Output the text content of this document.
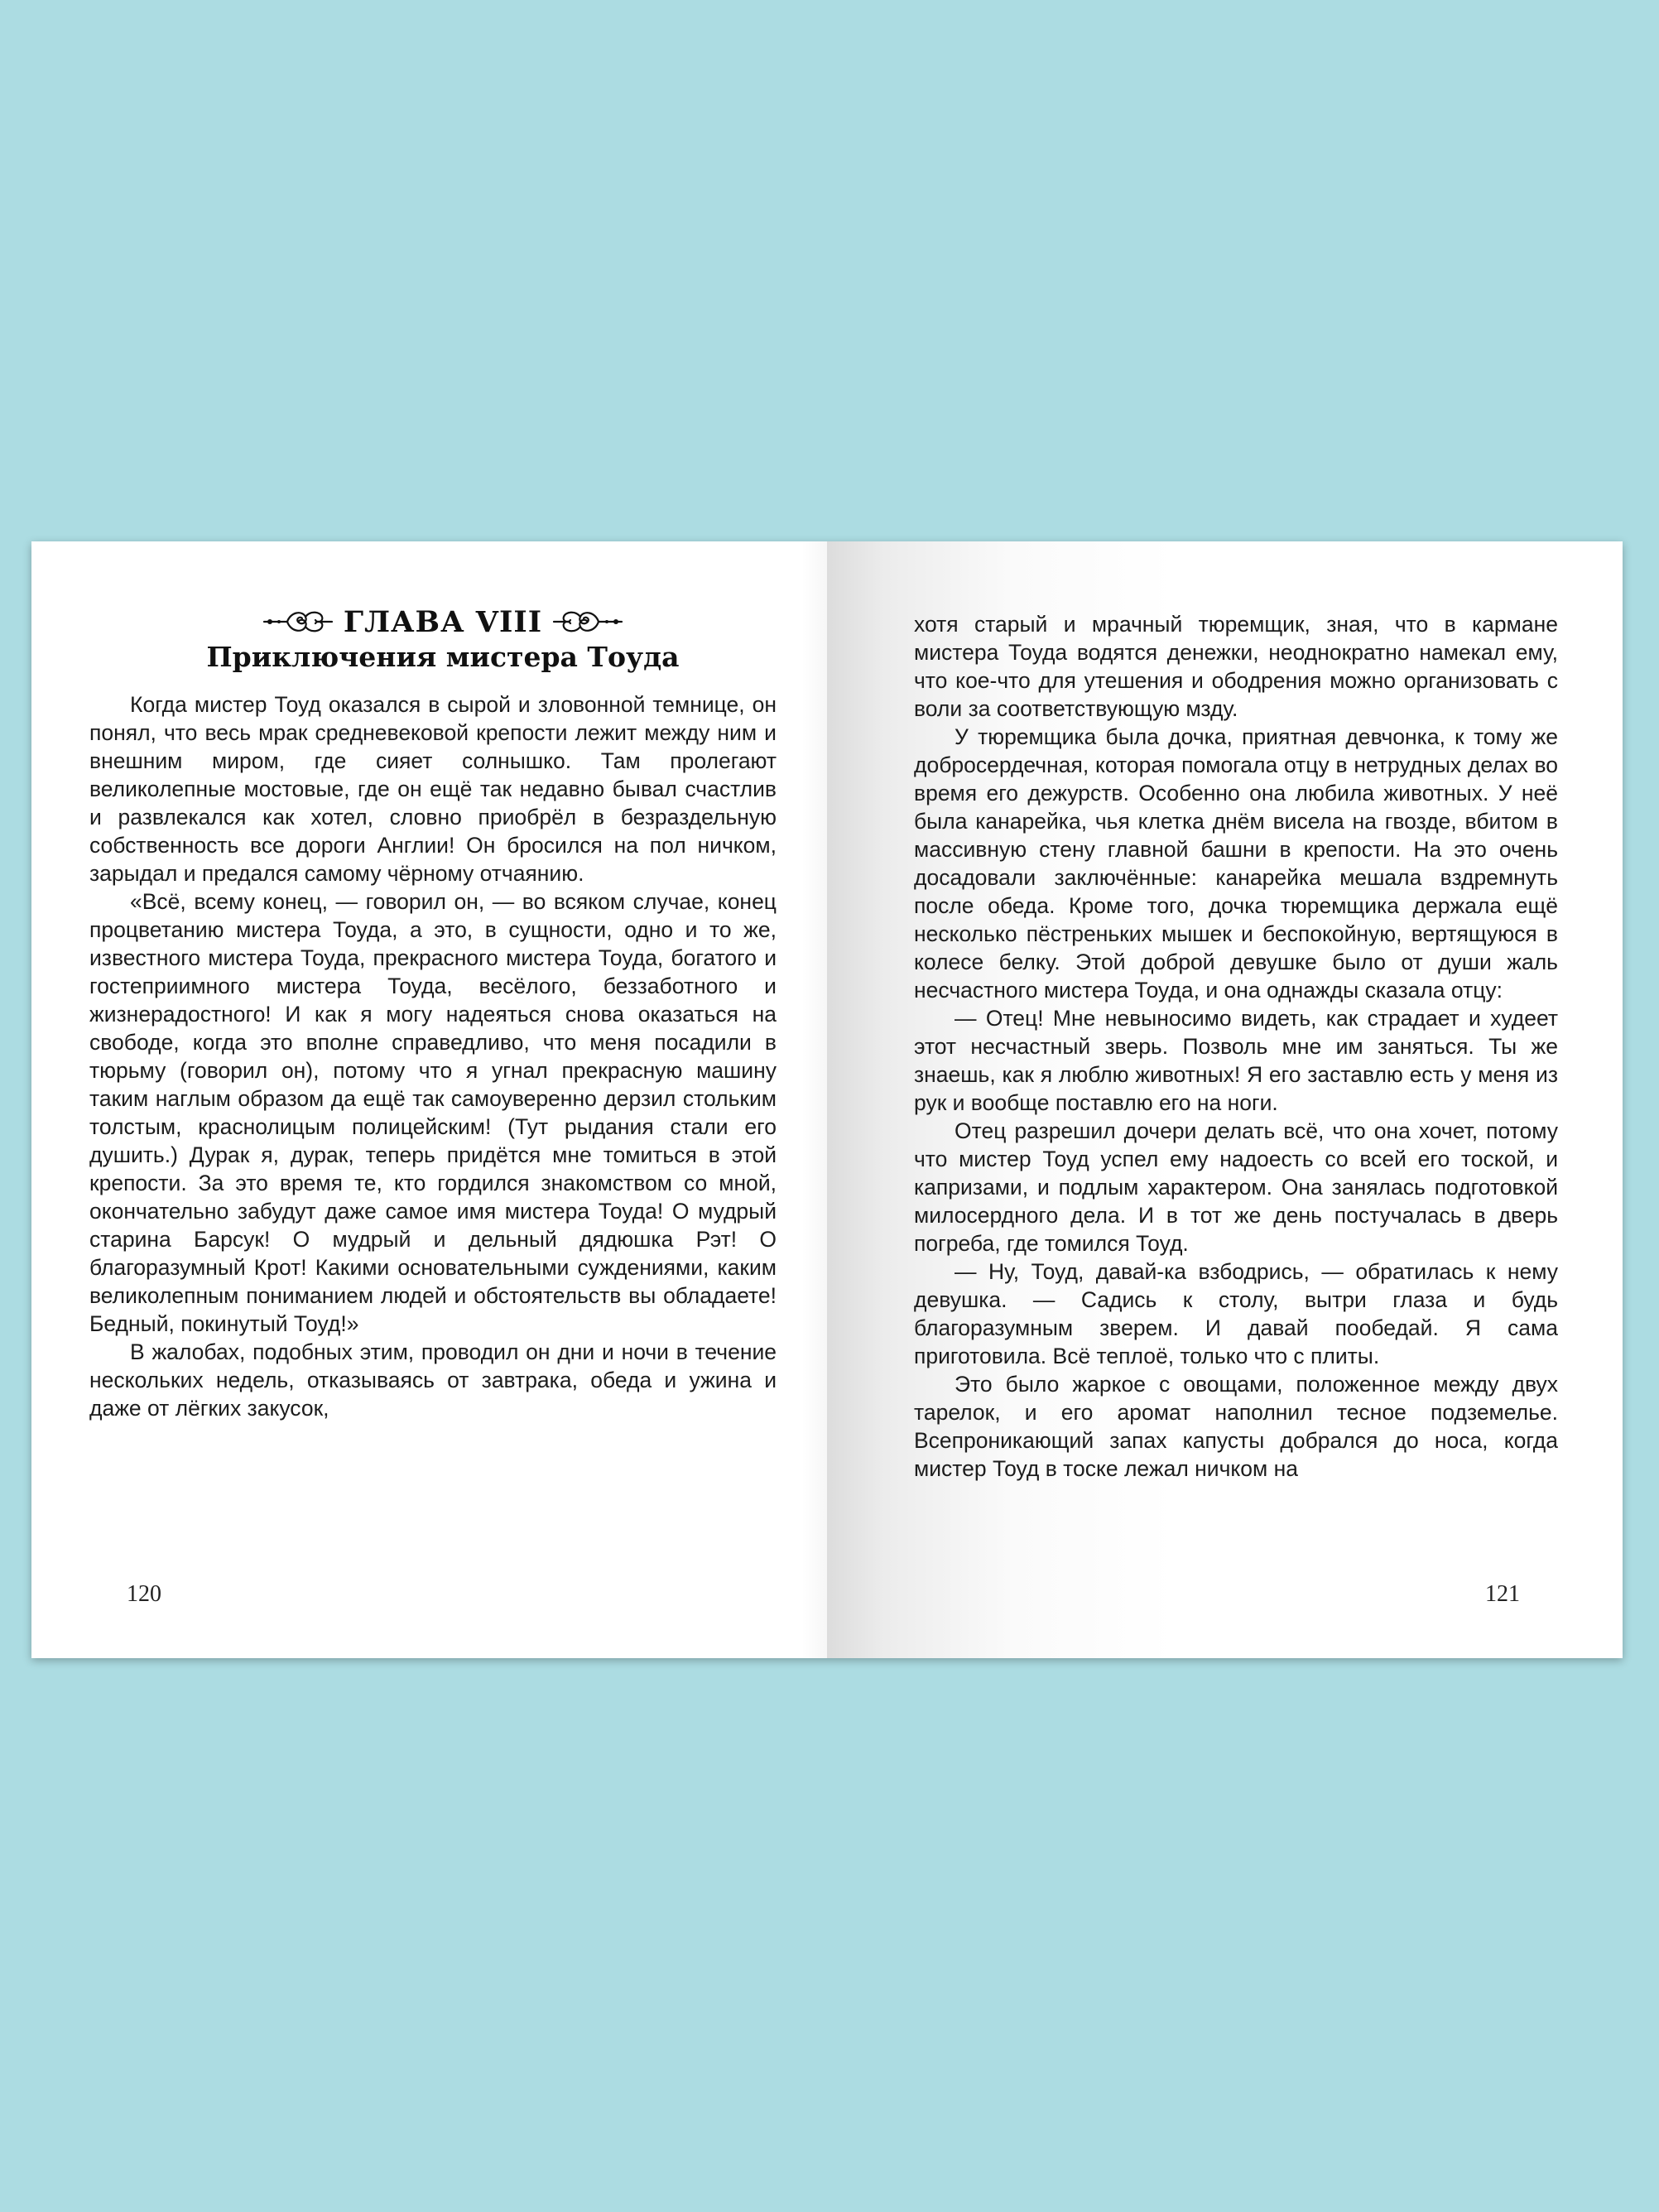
ГЛАВА VIII
Приключения мистера Тоуда

Когда мистер Тоуд оказался в сырой и зловонной темнице, он понял, что весь мрак средневековой крепости лежит между ним и внешним миром, где сияет солнышко. Там пролегают великолепные мостовые, где он ещё так недавно бывал счастлив и развлекался как хотел, словно приобрёл в безраздельную собственность все дороги Англии! Он бросился на пол ничком, зарыдал и предался самому чёрному отчаянию.

«Всё, всему конец, — говорил он, — во всяком случае, конец процветанию мистера Тоуда, а это, в сущности, одно и то же, известного мистера Тоуда, прекрасного мистера Тоуда, богатого и гостеприимного мистера Тоуда, весёлого, беззаботного и жизнерадостного! И как я могу надеяться снова оказаться на свободе, когда это вполне справедливо, что меня посадили в тюрьму (говорил он), потому что я угнал прекрасную машину таким наглым образом да ещё так самоуверенно дерзил стольким толстым, краснолицым полицейским! (Тут рыдания стали его душить.) Дурак я, дурак, теперь придётся мне томиться в этой крепости. За это время те, кто гордился знакомством со мной, окончательно забудут даже самое имя мистера Тоуда! О мудрый старина Барсук! О мудрый и дельный дядюшка Рэт! О благоразумный Крот! Какими основательными суждениями, каким великолепным пониманием людей и обстоятельств вы обладаете! Бедный, покинутый Тоуд!»

В жалобах, подобных этим, проводил он дни и ночи в течение нескольких недель, отказываясь от завтрака, обеда и ужина и даже от лёгких закусок,

120

хотя старый и мрачный тюремщик, зная, что в кармане мистера Тоуда водятся денежки, неоднократно намекал ему, что кое-что для утешения и ободрения можно организовать с воли за соответствующую мзду.

У тюремщика была дочка, приятная девчонка, к тому же добросердечная, которая помогала отцу в нетрудных делах во время его дежурств. Особенно она любила животных. У неё была канарейка, чья клетка днём висела на гвозде, вбитом в массивную стену главной башни в крепости. На это очень досадовали заключённые: канарейка мешала вздремнуть после обеда. Кроме того, дочка тюремщика держала ещё несколько пёстреньких мышек и беспокойную, вертящуюся в колесе белку. Этой доброй девушке было от души жаль несчастного мистера Тоуда, и она однажды сказала отцу:

— Отец! Мне невыносимо видеть, как страдает и худеет этот несчастный зверь. Позволь мне им заняться. Ты же знаешь, как я люблю животных! Я его заставлю есть у меня из рук и вообще поставлю его на ноги.

Отец разрешил дочери делать всё, что она хочет, потому что мистер Тоуд успел ему надоесть со всей его тоской, и капризами, и подлым характером. Она занялась подготовкой милосердного дела. И в тот же день постучалась в дверь погреба, где томился Тоуд.

— Ну, Тоуд, давай-ка взбодрись, — обратилась к нему девушка. — Садись к столу, вытри глаза и будь благоразумным зверем. И давай пообедай. Я сама приготовила. Всё теплоё, только что с плиты.

Это было жаркое с овощами, положенное между двух тарелок, и его аромат наполнил тесное подземелье. Всепроникающий запах капусты добрался до носа, когда мистер Тоуд в тоске лежал ничком на

121
